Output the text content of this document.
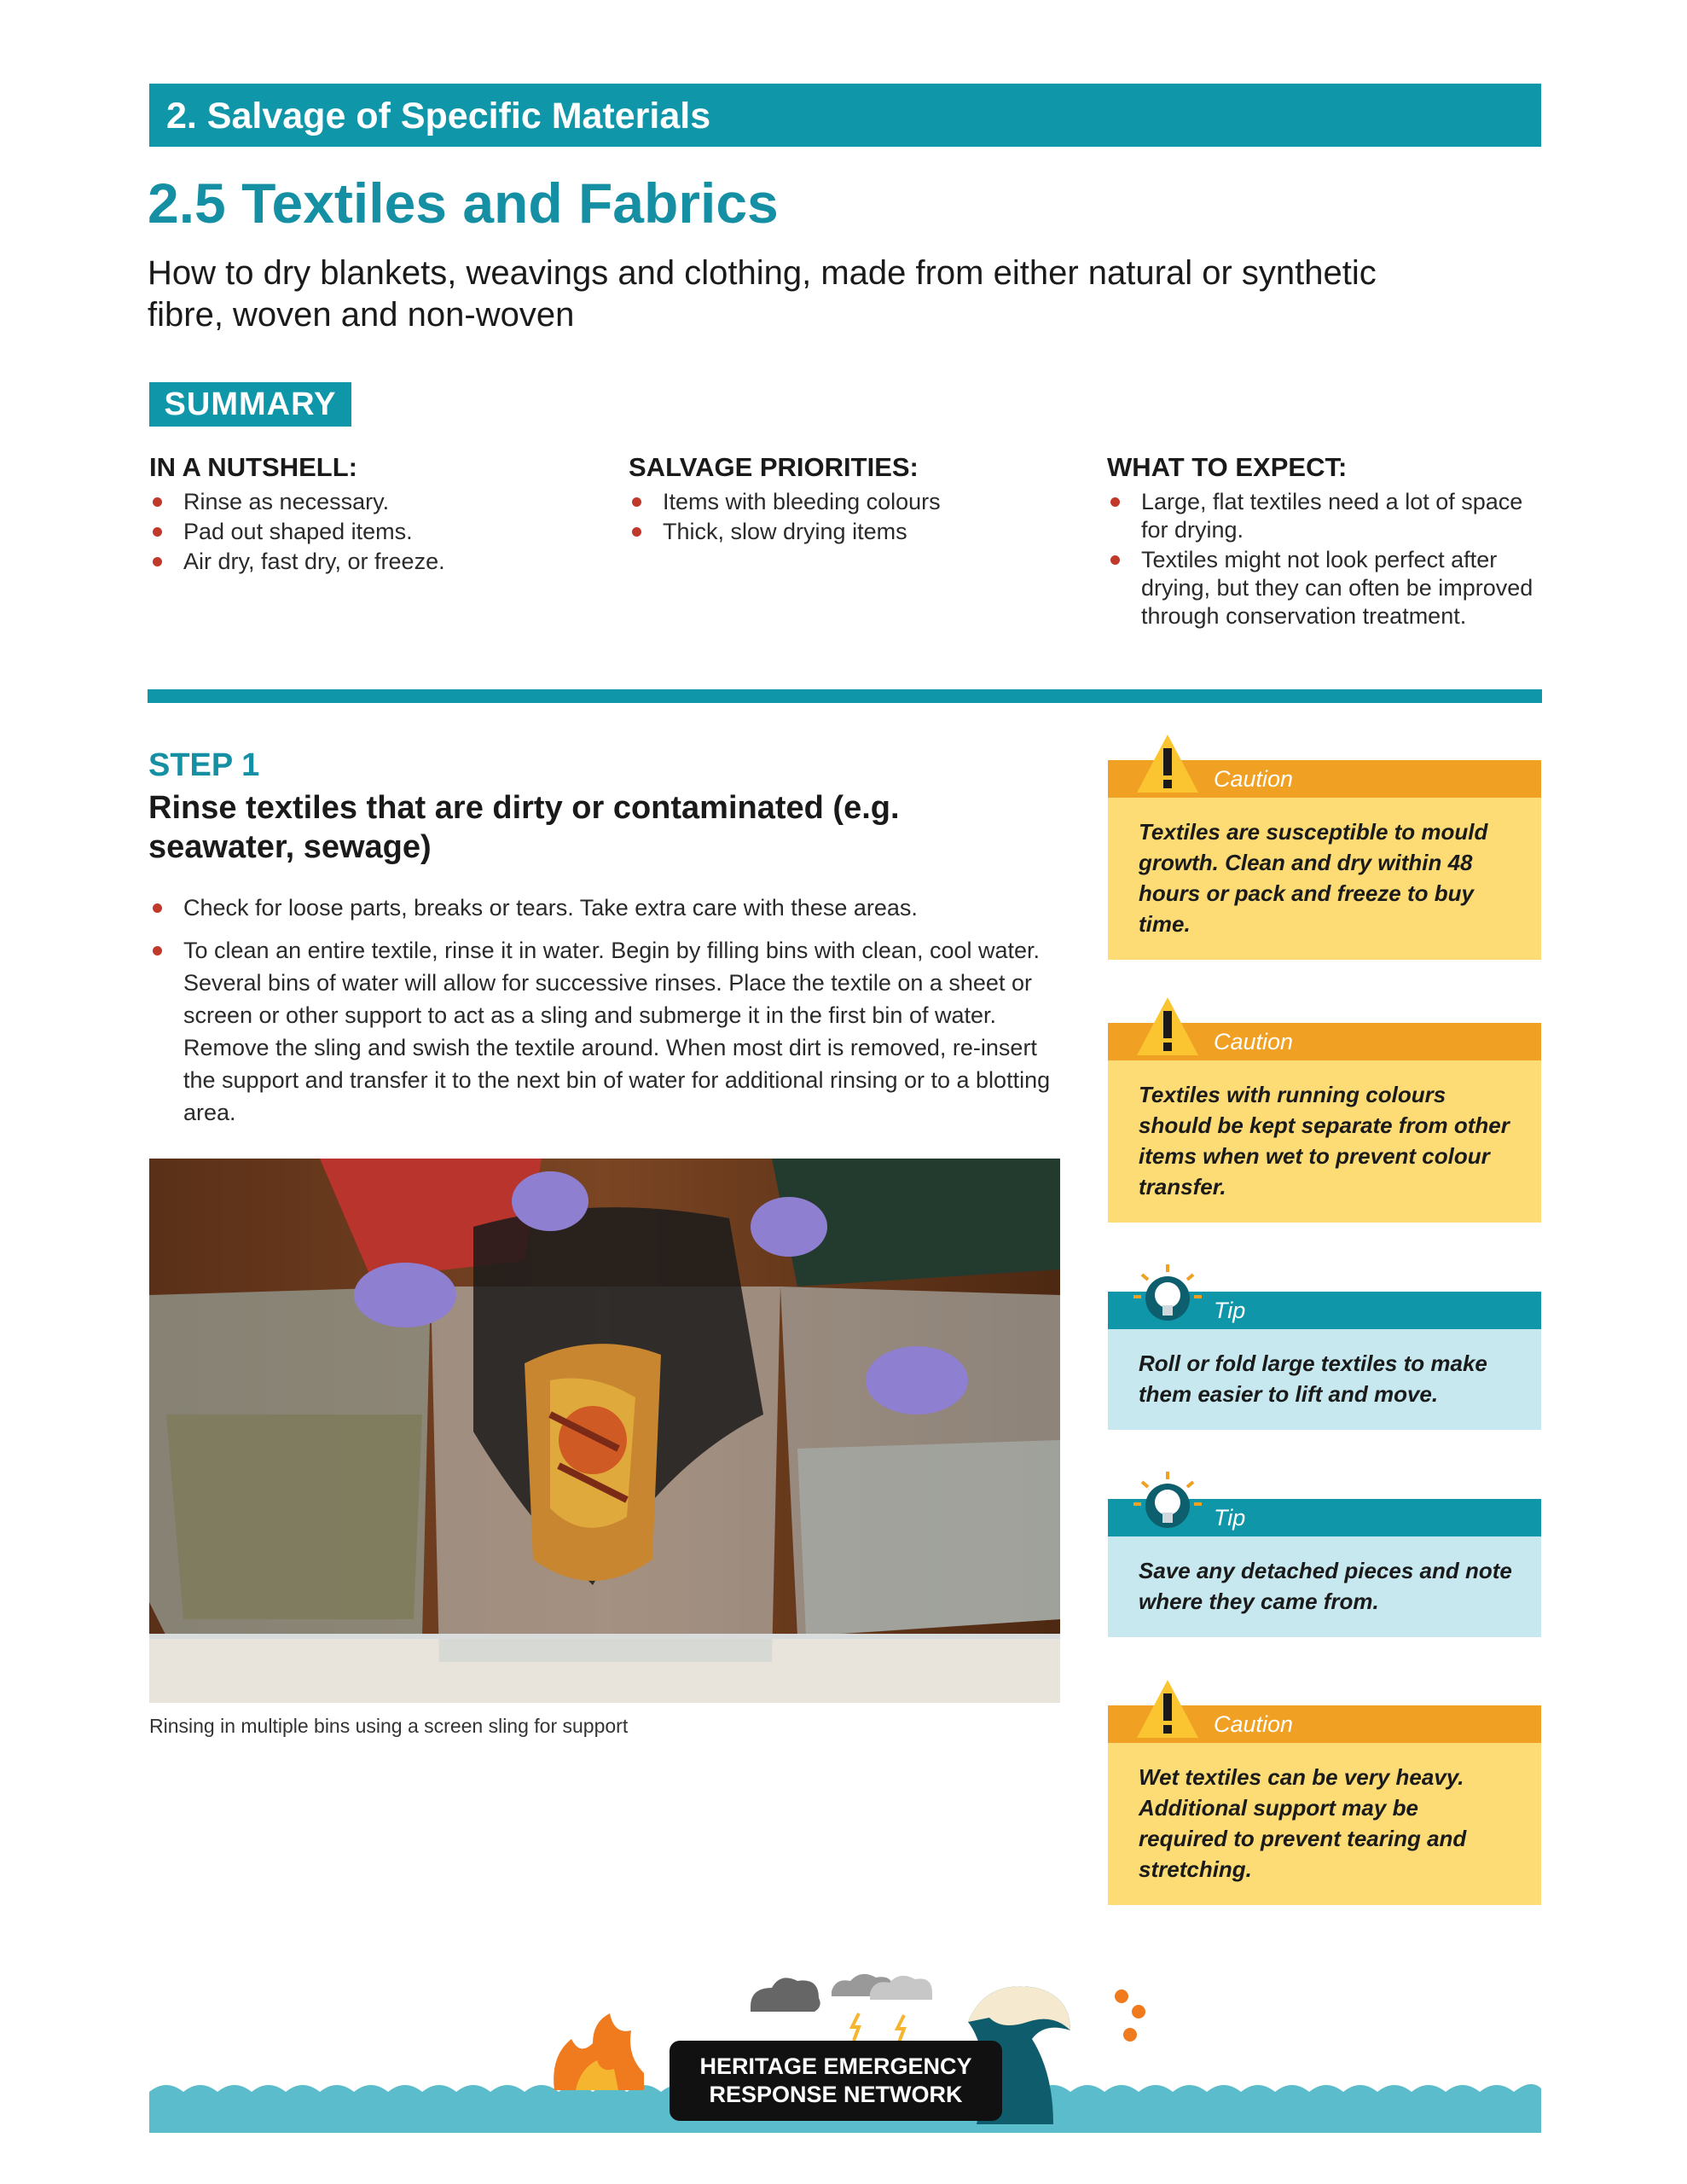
2. Salvage of Specific Materials
2.5 Textiles and Fabrics
How to dry blankets, weavings and clothing, made from either natural or synthetic fibre, woven and non-woven
SUMMARY
IN A NUTSHELL:
Rinse as necessary.
Pad out shaped items.
Air dry, fast dry, or freeze.
SALVAGE PRIORITIES:
Items with bleeding colours
Thick, slow drying items
WHAT TO EXPECT:
Large, flat textiles need a lot of space for drying.
Textiles might not look perfect after drying, but they can often be improved through conservation treatment.
STEP 1
Rinse textiles that are dirty or contaminated (e.g. seawater, sewage)
Check for loose parts, breaks or tears. Take extra care with these areas.
To clean an entire textile, rinse it in water. Begin by filling bins with clean, cool water. Several bins of water will allow for successive rinses. Place the textile on a sheet or screen or other support to act as a sling and submerge it in the first bin of water. Remove the sling and swish the textile around. When most dirt is removed, re-insert the support and transfer it to the next bin of water for additional rinsing or to a blotting area.
Rinsing in multiple bins using a screen sling for support
Caution
Textiles are susceptible to mould growth. Clean and dry within 48 hours or pack and freeze to buy time.
Caution
Textiles with running colours should be kept separate from other items when wet to prevent colour transfer.
Tip
Roll or fold large textiles to make them easier to lift and move.
Tip
Save any detached pieces and note where they came from.
Caution
Wet textiles can be very heavy. Additional support may be required to prevent tearing and stretching.
HERITAGE EMERGENCY
RESPONSE NETWORK
